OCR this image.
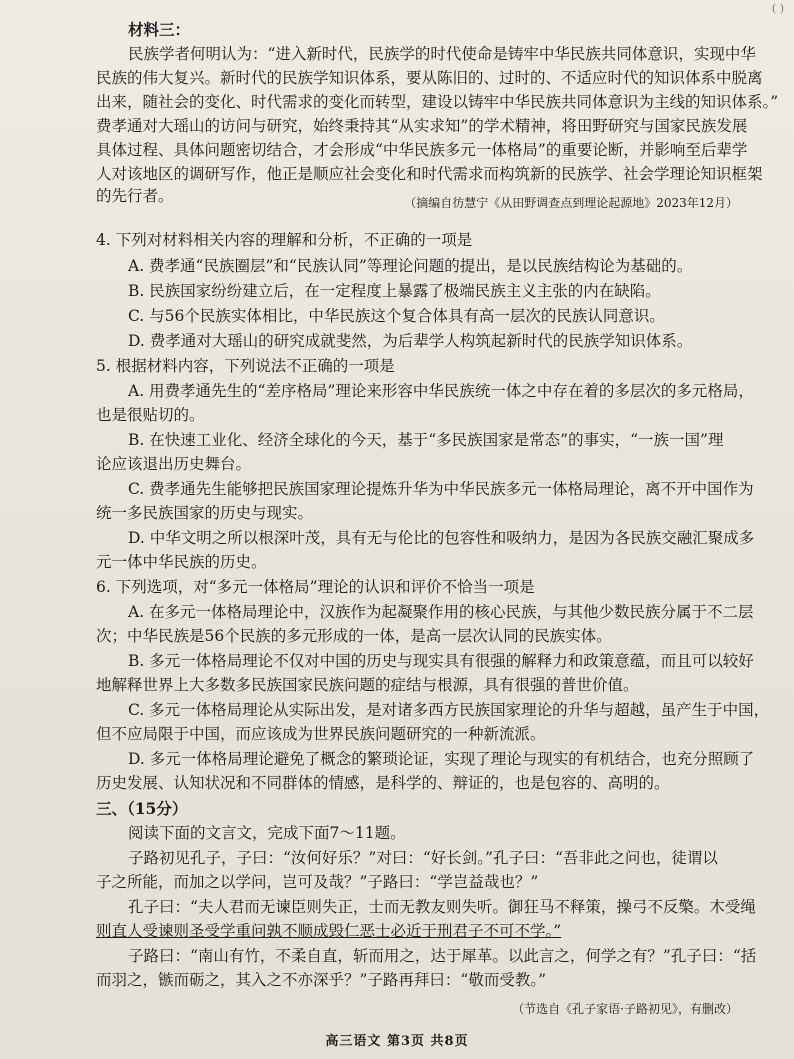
( )
材料三：
民族学者何明认为：“进入新时代，民族学的时代使命是铸牢中华民族共同体意识，实现中华
民族的伟大复兴。新时代的民族学知识体系，要从陈旧的、过时的、不适应时代的知识体系中脱离
出来，随社会的变化、时代需求的变化而转型，建设以铸牢中华民族共同体意识为主线的知识体系。”
费孝通对大瑶山的访问与研究，始终秉持其“从实求知”的学术精神，将田野研究与国家民族发展
具体过程、具体问题密切结合，才会形成“中华民族多元一体格局”的重要论断，并影响至后辈学
人对该地区的调研写作，他正是顺应社会变化和时代需求而构筑新的民族学、社会学理论知识框架
的先行者。	（摘编自彷慧宁《从田野调查点到理论起源地》2023年12月）
4. 下列对材料相关内容的理解和分析，不正确的一项是
A. 费孝通“民族圈层”和“民族认同”等理论问题的提出，是以民族结构论为基础的。
B. 民族国家纷纷建立后，在一定程度上暴露了极端民族主义主张的内在缺陷。
C. 与56个民族实体相比，中华民族这个复合体具有高一层次的民族认同意识。
D. 费孝通对大瑶山的研究成就斐然，为后辈学人构筑起新时代的民族学知识体系。
5. 根据材料内容，下列说法不正确的一项是
A. 用费孝通先生的“差序格局”理论来形容中华民族统一体之中存在着的多层次的多元格局，
也是很贴切的。
B. 在快速工业化、经济全球化的今天，基于“多民族国家是常态”的事实，“一族一国”理
论应该退出历史舞台。
C. 费孝通先生能够把民族国家理论提炼升华为中华民族多元一体格局理论，离不开中国作为
统一多民族国家的历史与现实。
D. 中华文明之所以根深叶茂，具有无与伦比的包容性和吸纳力，是因为各民族交融汇聚成多
元一体中华民族的历史。
6. 下列选项，对“多元一体格局”理论的认识和评价不恰当一项是
A. 在多元一体格局理论中，汉族作为起凝聚作用的核心民族，与其他少数民族分属于不二层
次；中华民族是56个民族的多元形成的一体，是高一层次认同的民族实体。
B. 多元一体格局理论不仅对中国的历史与现实具有很强的解释力和政策意蕴，而且可以较好
地解释世界上大多数多民族国家民族问题的症结与根源，具有很强的普世价值。
C. 多元一体格局理论从实际出发，是对诸多西方民族国家理论的升华与超越，虽产生于中国，
但不应局限于中国，而应该成为世界民族问题研究的一种新流派。
D. 多元一体格局理论避免了概念的繁琐论证，实现了理论与现实的有机结合，也充分照顾了
历史发展、认知状况和不同群体的情感，是科学的、辩证的，也是包容的、高明的。
三、（15分）
阅读下面的文言文，完成下面7～11题。
子路初见孔子，子曰：“汝何好乐？”对曰：“好长剑。”孔子曰：“吾非此之问也，徒谓以
子之所能，而加之以学问，岂可及哉？”子路曰：“学岂益哉也？”
孔子曰：“夫人君而无谏臣则失正，士而无教友则失听。御狂马不释策，操弓不反檠。木受绳
则直人受谏则圣受学重问孰不顺成毁仁恶士必近于刑君子不可不学。”
子路曰：“南山有竹，不柔自直，斩而用之，达于犀革。以此言之，何学之有？”孔子曰：“括
而羽之，镞而砺之，其入之不亦深乎？”子路再拜曰：“敬而受教。”
（节选自《孔子家语·子路初见》，有删改）
高三语文 第3页 共8页
